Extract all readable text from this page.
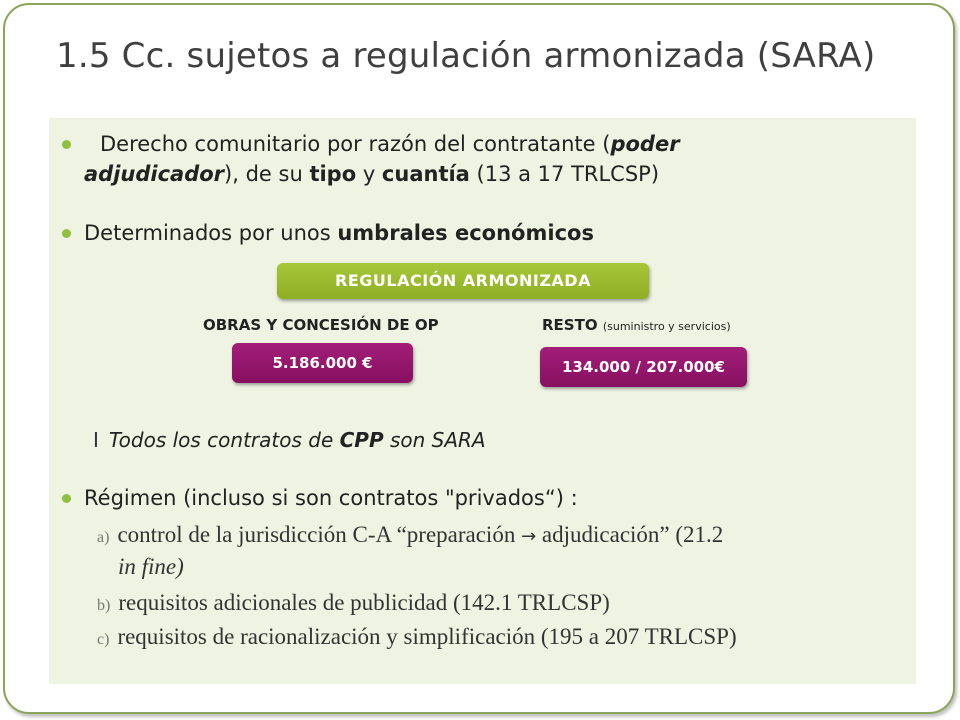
1.5 Cc. sujetos a regulación armonizada (SARA)
Derecho comunitario por razón del contratante (poder
adjudicador), de su tipo y cuantía (13 a 17 TRLCSP)
Determinados por unos umbrales económicos
REGULACIÓN ARMONIZADA
OBRAS Y CONCESIÓN DE OP	RESTO (suministro y servicios)
5.186.000 €	134.000 / 207.000€
I Todos los contratos de CPP son SARA
Régimen (incluso si son contratos "privados“) :
a) control de la jurisdicción C-A “preparación → adjudicación” (21.2
in fine)
b) requisitos adicionales de publicidad (142.1 TRLCSP)
c) requisitos de racionalización y simplificación (195 a 207 TRLCSP)
